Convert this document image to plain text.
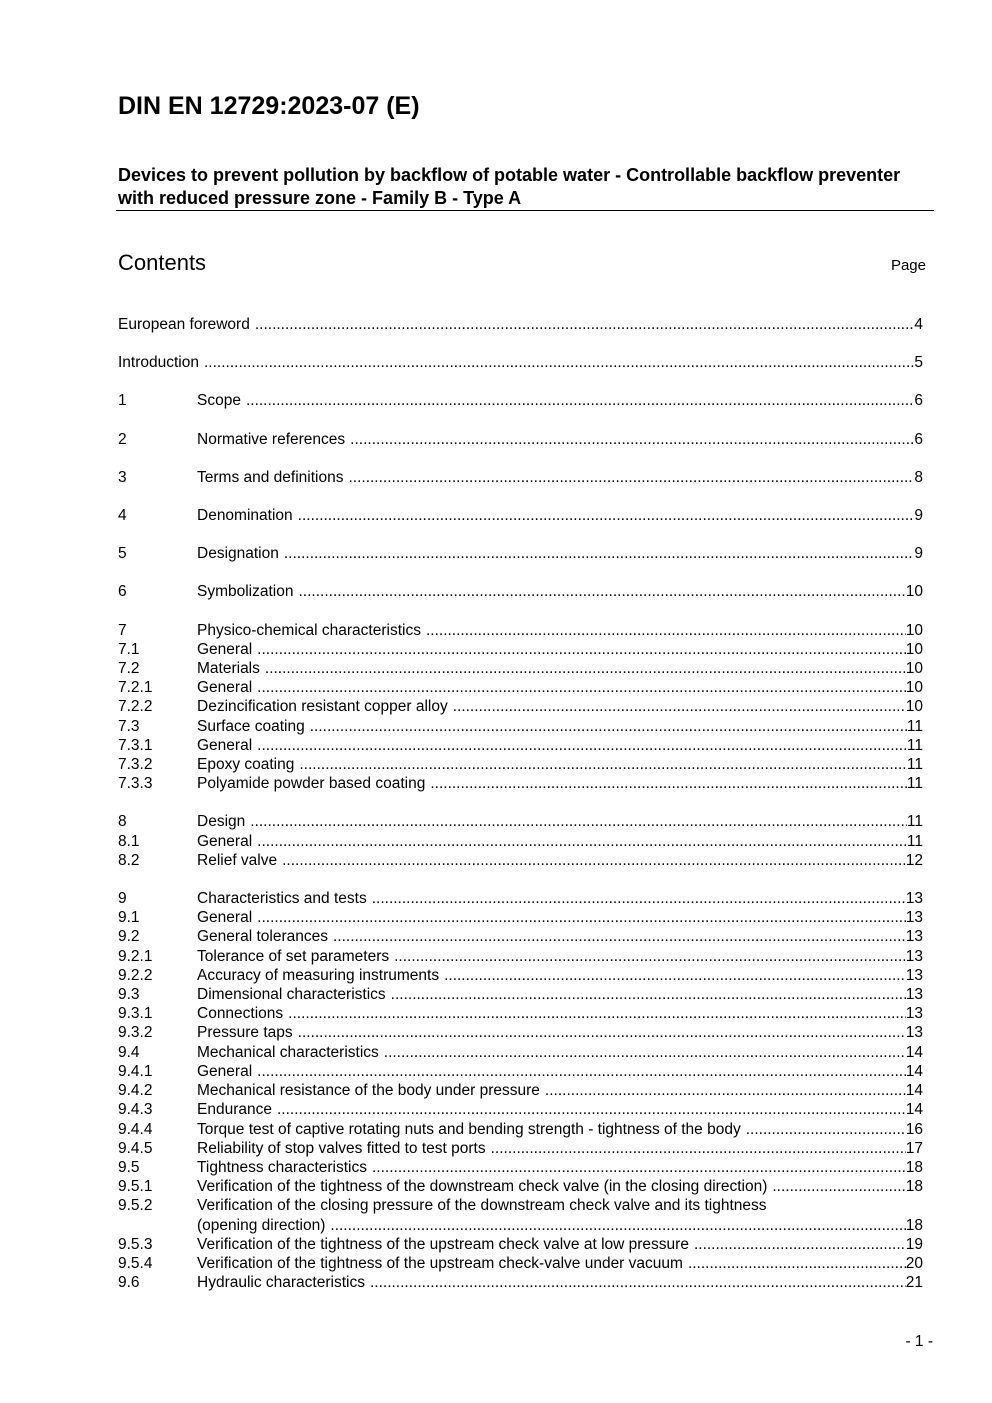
DIN EN 12729:2023-07 (E)
Devices to prevent pollution by backflow of potable water - Controllable backflow preventer with reduced pressure zone - Family B - Type A
Contents	Page
European foreword .....	4
Introduction .....	5
1	Scope .....	6
2	Normative references .....	6
3	Terms and definitions .....	8
4	Denomination .....	9
5	Designation .....	9
6	Symbolization .....	10
7	Physico-chemical characteristics .....	10
7.1	General .....	10
7.2	Materials .....	10
7.2.1	General .....	10
7.2.2	Dezincification resistant copper alloy .....	10
7.3	Surface coating .....	11
7.3.1	General .....	11
7.3.2	Epoxy coating .....	11
7.3.3	Polyamide powder based coating .....	11
8	Design .....	11
8.1	General .....	11
8.2	Relief valve .....	12
9	Characteristics and tests .....	13
9.1	General .....	13
9.2	General tolerances .....	13
9.2.1	Tolerance of set parameters .....	13
9.2.2	Accuracy of measuring instruments .....	13
9.3	Dimensional characteristics .....	13
9.3.1	Connections .....	13
9.3.2	Pressure taps .....	13
9.4	Mechanical characteristics .....	14
9.4.1	General .....	14
9.4.2	Mechanical resistance of the body under pressure .....	14
9.4.3	Endurance .....	14
9.4.4	Torque test of captive rotating nuts and bending strength - tightness of the body .....	16
9.4.5	Reliability of stop valves fitted to test ports .....	17
9.5	Tightness characteristics .....	18
9.5.1	Verification of the tightness of the downstream check valve (in the closing direction) .....	18
9.5.2	Verification of the closing pressure of the downstream check valve and its tightness
(opening direction) .....	18
9.5.3	Verification of the tightness of the upstream check valve at low pressure .....	19
9.5.4	Verification of the tightness of the upstream check-valve under vacuum .....	20
9.6	Hydraulic characteristics .....	21
- 1 -
